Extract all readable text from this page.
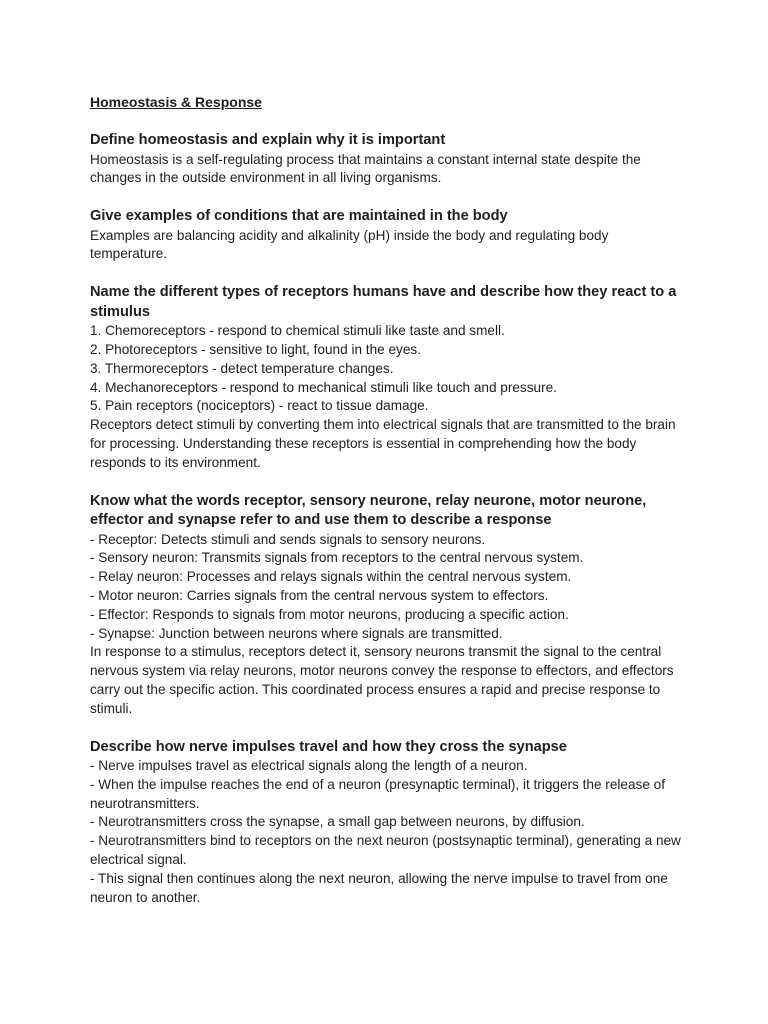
Homeostasis & Response

Define homeostasis and explain why it is important

Homeostasis is a self-regulating process that maintains a constant internal state despite the changes in the outside environment in all living organisms.

Give examples of conditions that are maintained in the body

Examples are balancing acidity and alkalinity (pH) inside the body and regulating body temperature.

Name the different types of receptors humans have and describe how they react to a stimulus

1. Chemoreceptors - respond to chemical stimuli like taste and smell.

2. Photoreceptors - sensitive to light, found in the eyes.

3. Thermoreceptors - detect temperature changes.

4. Mechanoreceptors - respond to mechanical stimuli like touch and pressure.

5. Pain receptors (nociceptors) - react to tissue damage.

Receptors detect stimuli by converting them into electrical signals that are transmitted to the brain for processing. Understanding these receptors is essential in comprehending how the body responds to its environment.

Know what the words receptor, sensory neurone, relay neurone, motor neurone, effector and synapse refer to and use them to describe a response

- Receptor: Detects stimuli and sends signals to sensory neurons.

- Sensory neuron: Transmits signals from receptors to the central nervous system.

- Relay neuron: Processes and relays signals within the central nervous system.

- Motor neuron: Carries signals from the central nervous system to effectors.

- Effector: Responds to signals from motor neurons, producing a specific action.

- Synapse: Junction between neurons where signals are transmitted.

In response to a stimulus, receptors detect it, sensory neurons transmit the signal to the central nervous system via relay neurons, motor neurons convey the response to effectors, and effectors carry out the specific action. This coordinated process ensures a rapid and precise response to stimuli.

Describe how nerve impulses travel and how they cross the synapse

- Nerve impulses travel as electrical signals along the length of a neuron.

- When the impulse reaches the end of a neuron (presynaptic terminal), it triggers the release of neurotransmitters.

- Neurotransmitters cross the synapse, a small gap between neurons, by diffusion.

- Neurotransmitters bind to receptors on the next neuron (postsynaptic terminal), generating a new electrical signal.

- This signal then continues along the next neuron, allowing the nerve impulse to travel from one neuron to another.
